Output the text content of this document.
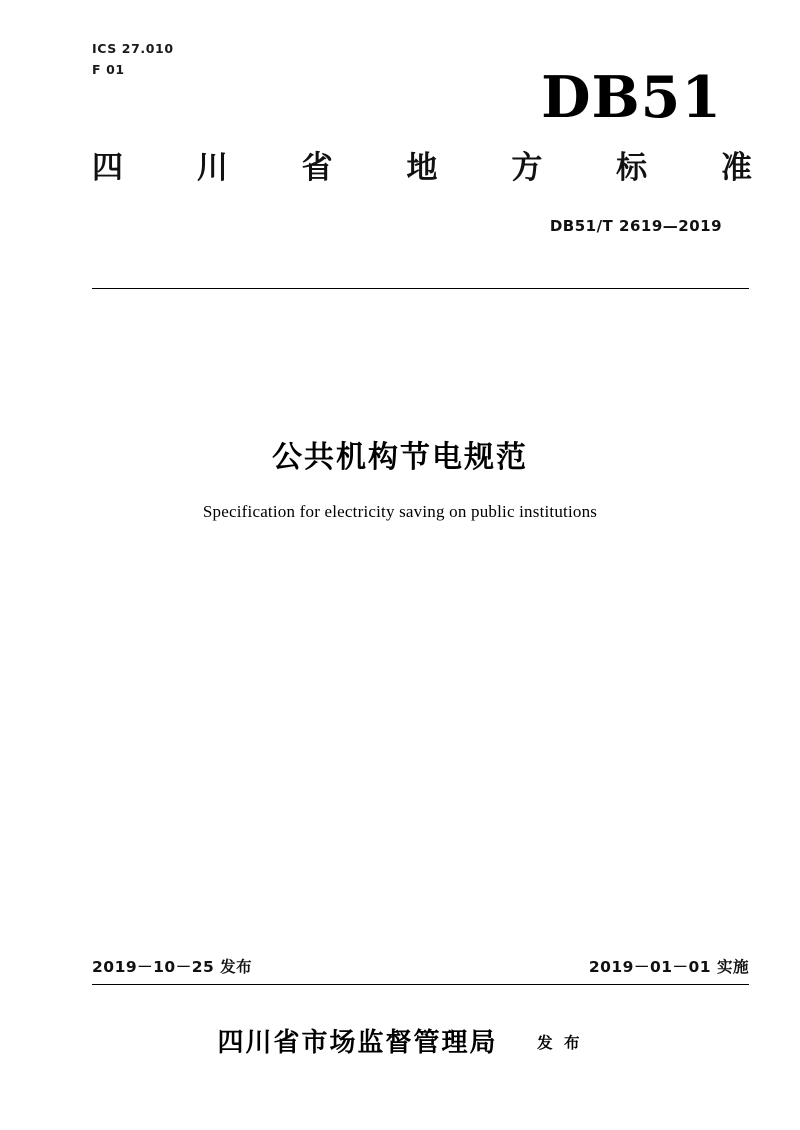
ICS 27.010
F 01	DB51
四 川 省 地 方 标 准
DB51/T 2619—2019
公共机构节电规范
Specification for electricity saving on public institutions
2019－10－25 发布	2019－01－01 实施
四川省市场监督管理局	发 布
